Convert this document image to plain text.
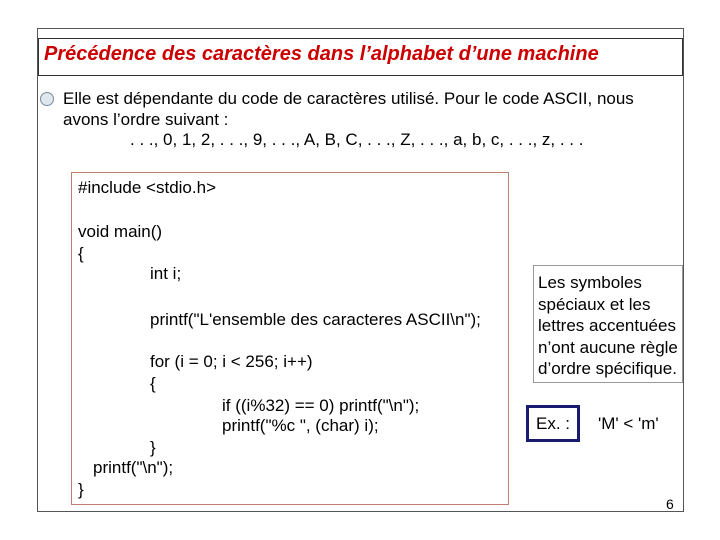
Précédence des caractères dans l’alphabet d’une machine
Elle est dépendante du code de caractères utilisé. Pour le code ASCII, nous avons l’ordre suivant :
. . ., 0, 1, 2, . . ., 9, . . ., A, B, C, . . ., Z, . . ., a, b, c, . . ., z, . . .
#include <stdio.h>
void main()
{
int i;
printf("L'ensemble des caracteres ASCII\n");
for (i = 0; i < 256; i++)
{
if ((i%32) == 0) printf("\n");
printf("%c ", (char) i);
}
printf("\n");
}
Les symboles spéciaux et les lettres accentuées n’ont aucune règle d’ordre spécifique.
Ex. :	'M' < 'm'
6
